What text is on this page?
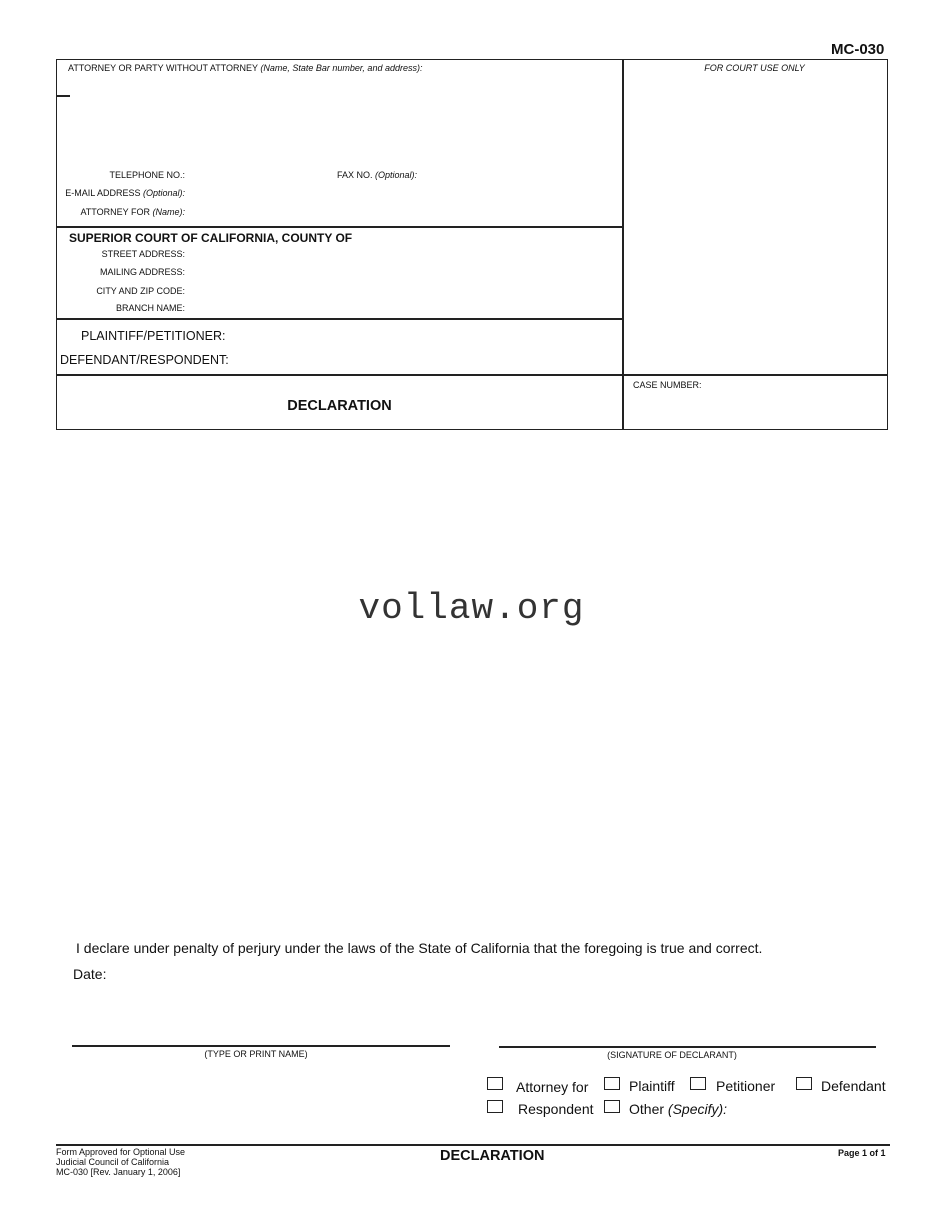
MC-030
ATTORNEY OR PARTY WITHOUT ATTORNEY (Name, State Bar number, and address):	FOR COURT USE ONLY
TELEPHONE NO.:	FAX NO. (Optional):
E-MAIL ADDRESS (Optional):
ATTORNEY FOR (Name):
SUPERIOR COURT OF CALIFORNIA, COUNTY OF
STREET ADDRESS:
MAILING ADDRESS:
CITY AND ZIP CODE:
BRANCH NAME:
PLAINTIFF/PETITIONER:
DEFENDANT/RESPONDENT:
DECLARATION
CASE NUMBER:
vollaw.org
I declare under penalty of perjury under the laws of the State of California that the foregoing is true and correct.
Date:
(TYPE OR PRINT NAME)	(SIGNATURE OF DECLARANT)
Attorney for	Plaintiff	Petitioner	Defendant
Respondent	Other (Specify):
Form Approved for Optional Use
Judicial Council of California
MC-030 [Rev. January 1, 2006]
DECLARATION	Page 1 of 1
